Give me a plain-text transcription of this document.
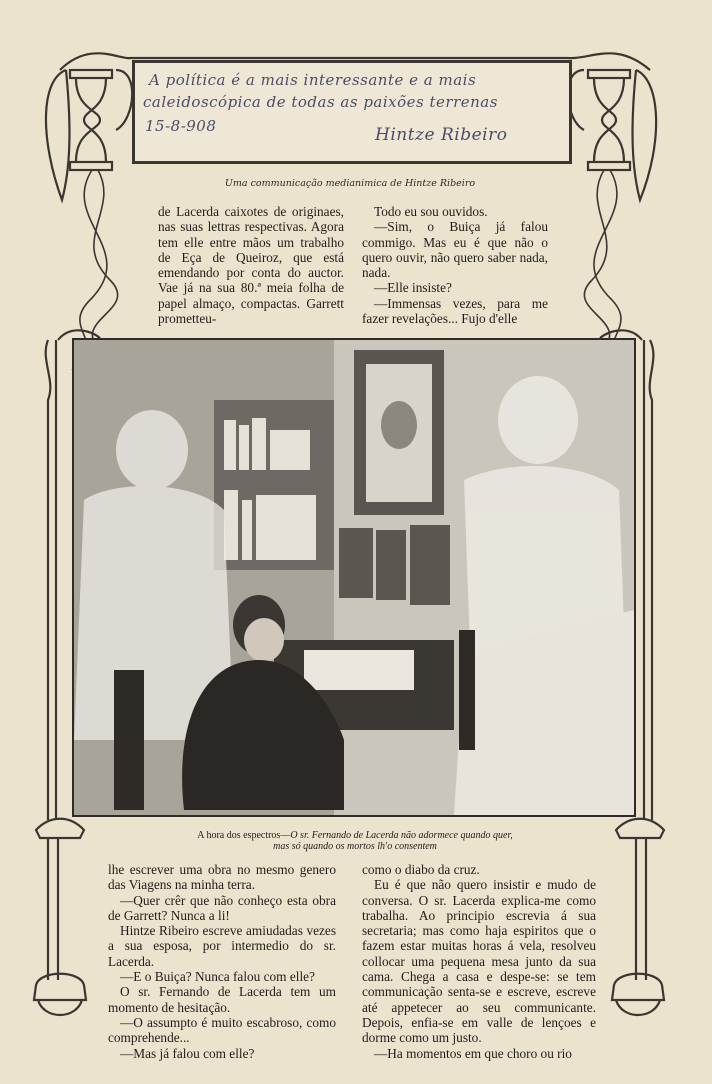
A política é a mais interessante e a mais
caleidoscópica de todas as paixões terrenas
15-8-908	Hintze Ribeiro
Uma communicação medianimica de Hintze Ribeiro

de Lacerda caixotes de originaes, nas suas lettras respectivas. Agora tem elle entre mãos um trabalho de Eça de Queiroz, que está emendando por conta do auctor. Vae já na sua 80.ª meia folha de papel almaço, compactas. Garrett prometteu-

Todo eu sou ouvidos.

—Sim, o Buiça já falou commigo. Mas eu é que não o quero ouvir, não quero saber nada, nada.

—Elle insiste?

—Immensas vezes, para me fazer revelações... Fujo d'elle

A hora dos espectros—O sr. Fernando de Lacerda não adormece quando quer,
mas só quando os mortos lh'o consentem

lhe escrever uma obra no mesmo genero das Viagens na minha terra.

—Quer crêr que não conheço esta obra de Garrett? Nunca a li!

Hintze Ribeiro escreve amiudadas vezes a sua esposa, por intermedio do sr. Lacerda.

—E o Buiça? Nunca falou com elle?

O sr. Fernando de Lacerda tem um momento de hesitação.

—O assumpto é muito escabroso, como comprehende...

—Mas já falou com elle?

como o diabo da cruz.

Eu é que não quero insistir e mudo de conversa. O sr. Lacerda explica-me como trabalha. Ao principio escrevia á sua secretaria; mas como haja espiritos que o fazem estar muitas horas á vela, resolveu collocar uma pequena mesa junto da sua cama. Chega a casa e despe-se: se tem communicação senta-se e escreve, escreve até appetecer ao seu communicante. Depois, enfia-se em valle de lençoes e dorme como um justo.

—Ha momentos em que choro ou rio
